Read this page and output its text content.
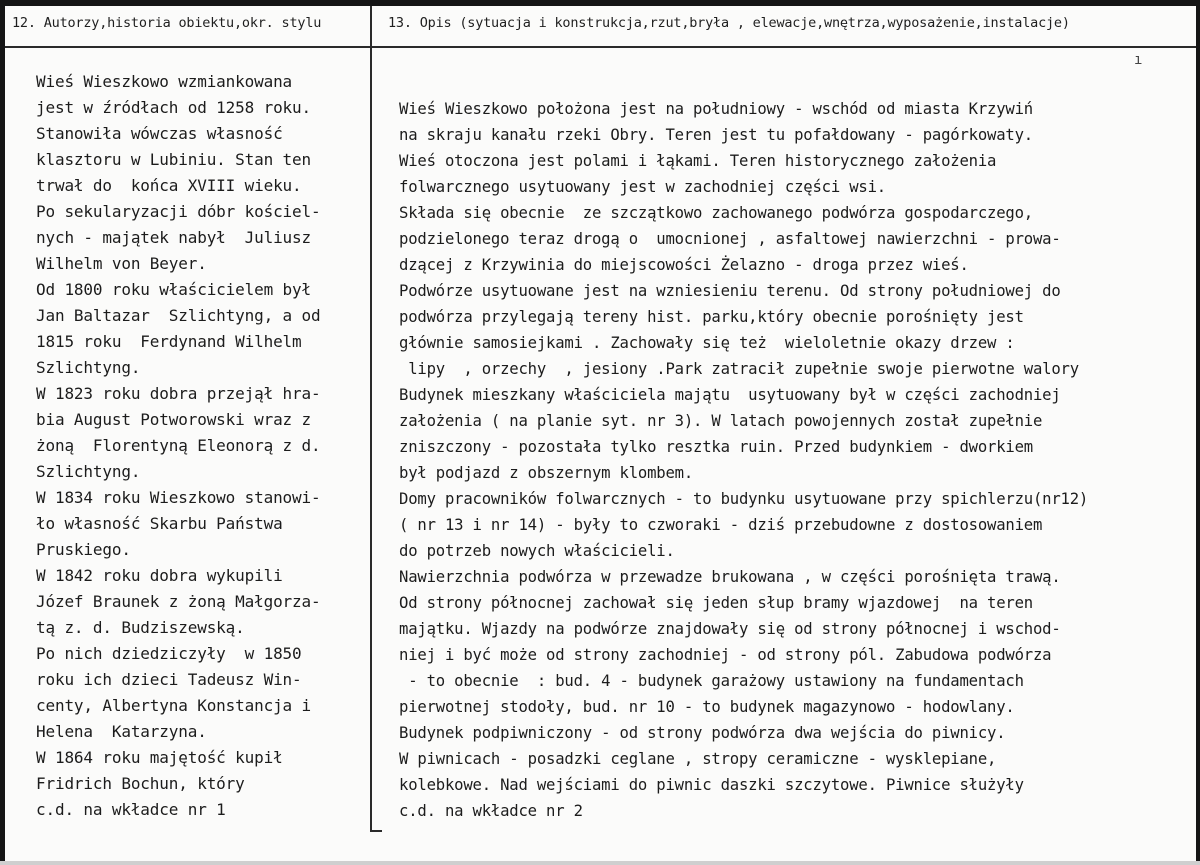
12. Autorzy,historia obiektu,okr. stylu	13. Opis (sytuacja i konstrukcja,rzut,bryła , elewacje,wnętrza,wyposażenie,instalacje)
ı
Wieś Wieszkowo wzmiankowana
jest w źródłach od 1258 roku.
Stanowiła wówczas własność
klasztoru w Lubiniu. Stan ten
trwał do  końca XVIII wieku.
Po sekularyzacji dóbr kościel-
nych - majątek nabył  Juliusz
Wilhelm von Beyer.
Od 1800 roku właścicielem był
Jan Baltazar  Szlichtyng, a od
1815 roku  Ferdynand Wilhelm
Szlichtyng.
W 1823 roku dobra przejął hra-
bia August Potworowski wraz z
żoną  Florentyną Eleonorą z d.
Szlichtyng.
W 1834 roku Wieszkowo stanowi-
ło własność Skarbu Państwa
Pruskiego.
W 1842 roku dobra wykupili
Józef Braunek z żoną Małgorza-
tą z. d. Budziszewską.
Po nich dziedziczyły  w 1850
roku ich dzieci Tadeusz Win-
centy, Albertyna Konstancja i
Helena  Katarzyna.
W 1864 roku majętość kupił
Fridrich Bochun, który
c.d. na wkładce nr 1
Wieś Wieszkowo położona jest na południowy - wschód od miasta Krzywiń
na skraju kanału rzeki Obry. Teren jest tu pofałdowany - pagórkowaty.
Wieś otoczona jest polami i łąkami. Teren historycznego założenia
folwarcznego usytuowany jest w zachodniej części wsi.
Składa się obecnie  ze szczątkowo zachowanego podwórza gospodarczego,
podzielonego teraz drogą o  umocnionej , asfaltowej nawierzchni - prowa-
dzącej z Krzywinia do miejscowości Żelazno - droga przez wieś.
Podwórze usytuowane jest na wzniesieniu terenu. Od strony południowej do
podwórza przylegają tereny hist. parku,który obecnie porośnięty jest
głównie samosiejkami . Zachowały się też  wieloletnie okazy drzew :
lipy  , orzechy  , jesiony .Park zatracił zupełnie swoje pierwotne walory
Budynek mieszkany właściciela majątu  usytuowany był w części zachodniej
założenia ( na planie syt. nr 3). W latach powojennych został zupełnie
zniszczony - pozostała tylko resztka ruin. Przed budynkiem - dworkiem
był podjazd z obszernym klombem.
Domy pracowników folwarcznych - to budynku usytuowane przy spichlerzu(nr12)
( nr 13 i nr 14) - były to czworaki - dziś przebudowne z dostosowaniem
do potrzeb nowych właścicieli.
Nawierzchnia podwórza w przewadze brukowana , w części porośnięta trawą.
Od strony północnej zachował się jeden słup bramy wjazdowej  na teren
majątku. Wjazdy na podwórze znajdowały się od strony północnej i wschod-
niej i być może od strony zachodniej - od strony pól. Zabudowa podwórza
- to obecnie  : bud. 4 - budynek garażowy ustawiony na fundamentach
pierwotnej stodoły, bud. nr 10 - to budynek magazynowo - hodowlany.
Budynek podpiwniczony - od strony podwórza dwa wejścia do piwnicy.
W piwnicach - posadzki ceglane , stropy ceramiczne - wysklepiane,
kolebkowe. Nad wejściami do piwnic daszki szczytowe. Piwnice służyły
c.d. na wkładce nr 2
